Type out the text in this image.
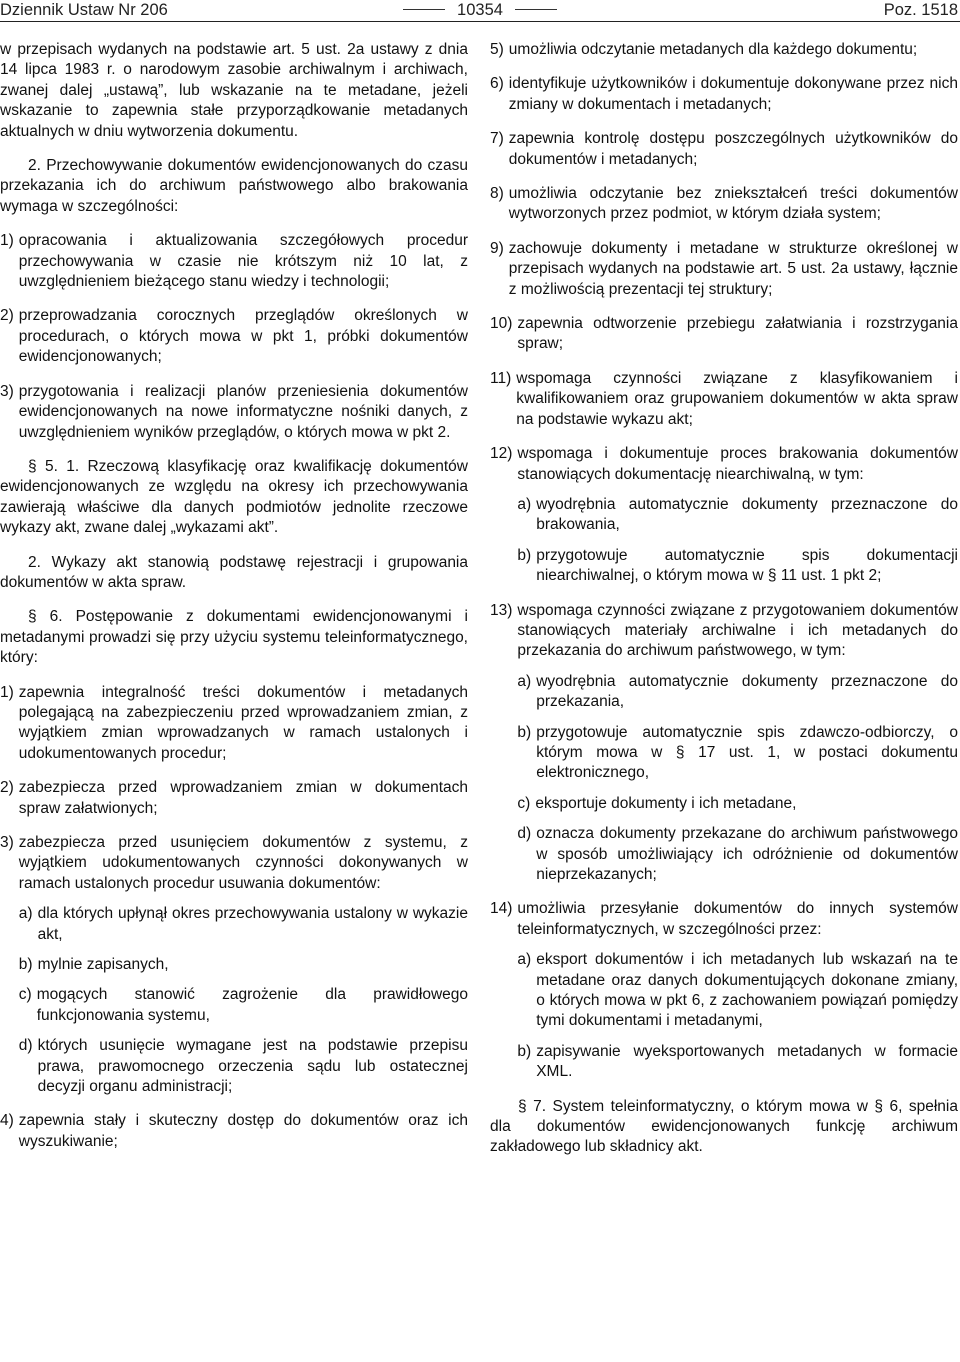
Dziennik Ustaw Nr 206	10354	Poz. 1518
w przepisach wydanych na podstawie art. 5 ust. 2a ustawy z dnia 14 lipca 1983 r. o narodowym zasobie archiwalnym i archiwach, zwanej dalej „ustawą”, lub wskazanie na te metadane, jeżeli wskazanie to zapewnia stałe przyporządkowanie metadanych aktualnych w dniu wytworzenia dokumentu.
2. Przechowywanie dokumentów ewidencjonowanych do czasu przekazania ich do archiwum państwowego albo brakowania wymaga w szczególności:
1) opracowania i aktualizowania szczegółowych procedur przechowywania w czasie nie krótszym niż 10 lat, z uwzględnieniem bieżącego stanu wiedzy i technologii;
2) przeprowadzania corocznych przeglądów określonych w procedurach, o których mowa w pkt 1, próbki dokumentów ewidencjonowanych;
3) przygotowania i realizacji planów przeniesienia dokumentów ewidencjonowanych na nowe informatyczne nośniki danych, z uwzględnieniem wyników przeglądów, o których mowa w pkt 2.
§ 5. 1. Rzeczową klasyfikację oraz kwalifikację dokumentów ewidencjonowanych ze względu na okresy ich przechowywania zawierają właściwe dla danych podmiotów jednolite rzeczowe wykazy akt, zwane dalej „wykazami akt”.
2. Wykazy akt stanowią podstawę rejestracji i grupowania dokumentów w akta spraw.
§ 6. Postępowanie z dokumentami ewidencjonowanymi i metadanymi prowadzi się przy użyciu systemu teleinformatycznego, który:
1) zapewnia integralność treści dokumentów i metadanych polegającą na zabezpieczeniu przed wprowadzaniem zmian, z wyjątkiem zmian wprowadzanych w ramach ustalonych i udokumentowanych procedur;
2) zabezpiecza przed wprowadzaniem zmian w dokumentach spraw załatwionych;
3) zabezpiecza przed usunięciem dokumentów z systemu, z wyjątkiem udokumentowanych czynności dokonywanych w ramach ustalonych procedur usuwania dokumentów:
a) dla których upłynął okres przechowywania ustalony w wykazie akt,
b) mylnie zapisanych,
c) mogących stanowić zagrożenie dla prawidłowego funkcjonowania systemu,
d) których usunięcie wymagane jest na podstawie przepisu prawa, prawomocnego orzeczenia sądu lub ostatecznej decyzji organu administracji;
4) zapewnia stały i skuteczny dostęp do dokumentów oraz ich wyszukiwanie;
5) umożliwia odczytanie metadanych dla każdego dokumentu;
6) identyfikuje użytkowników i dokumentuje dokonywane przez nich zmiany w dokumentach i metadanych;
7) zapewnia kontrolę dostępu poszczególnych użytkowników do dokumentów i metadanych;
8) umożliwia odczytanie bez zniekształceń treści dokumentów wytworzonych przez podmiot, w którym działa system;
9) zachowuje dokumenty i metadane w strukturze określonej w przepisach wydanych na podstawie art. 5 ust. 2a ustawy, łącznie z możliwością prezentacji tej struktury;
10) zapewnia odtworzenie przebiegu załatwiania i rozstrzygania spraw;
11) wspomaga czynności związane z klasyfikowaniem i kwalifikowaniem oraz grupowaniem dokumentów w akta spraw na podstawie wykazu akt;
12) wspomaga i dokumentuje proces brakowania dokumentów stanowiących dokumentację niearchiwalną, w tym:
a) wyodrębnia automatycznie dokumenty przeznaczone do brakowania,
b) przygotowuje automatycznie spis dokumentacji niearchiwalnej, o którym mowa w § 11 ust. 1 pkt 2;
13) wspomaga czynności związane z przygotowaniem dokumentów stanowiących materiały archiwalne i ich metadanych do przekazania do archiwum państwowego, w tym:
a) wyodrębnia automatycznie dokumenty przeznaczone do przekazania,
b) przygotowuje automatycznie spis zdawczo-odbiorczy, o którym mowa w § 17 ust. 1, w postaci dokumentu elektronicznego,
c) eksportuje dokumenty i ich metadane,
d) oznacza dokumenty przekazane do archiwum państwowego w sposób umożliwiający ich odróżnienie od dokumentów nieprzekazanych;
14) umożliwia przesyłanie dokumentów do innych systemów teleinformatycznych, w szczególności przez:
a) eksport dokumentów i ich metadanych lub wskazań na te metadane oraz danych dokumentujących dokonane zmiany, o których mowa w pkt 6, z zachowaniem powiązań pomiędzy tymi dokumentami i metadanymi,
b) zapisywanie wyeksportowanych metadanych w formacie XML.
§ 7. System teleinformatyczny, o którym mowa w § 6, spełnia dla dokumentów ewidencjonowanych funkcję archiwum zakładowego lub składnicy akt.
